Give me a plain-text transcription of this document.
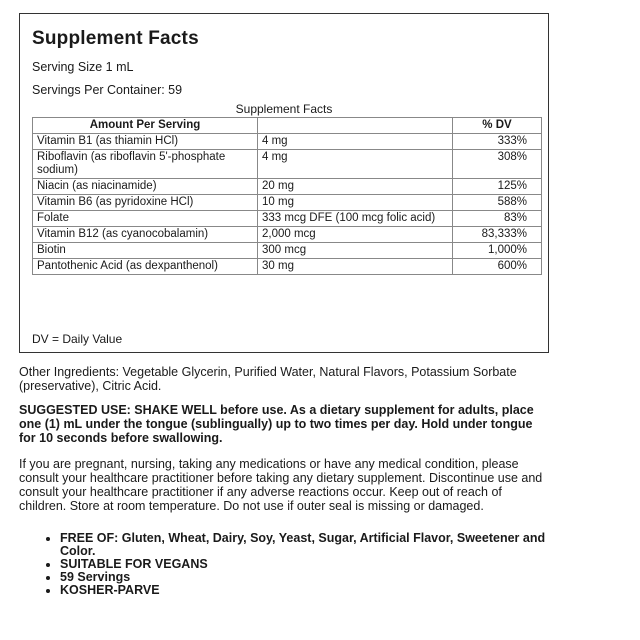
Supplement Facts
Serving Size 1 mL
Servings Per Container: 59
Supplement Facts
Amount Per Serving		% DV
Vitamin B1 (as thiamin HCl)	4 mg	333%
Riboflavin (as riboflavin 5'-phosphate sodium)	4 mg	308%
Niacin (as niacinamide)	20 mg	125%
Vitamin B6 (as pyridoxine HCl)	10 mg	588%
Folate	333 mcg DFE (100 mcg folic acid)	83%
Vitamin B12 (as cyanocobalamin)	2,000 mcg	83,333%
Biotin	300 mcg	1,000%
Pantothenic Acid (as dexpanthenol)	30 mg	600%
DV = Daily Value
Other Ingredients: Vegetable Glycerin, Purified Water, Natural Flavors, Potassium Sorbate (preservative), Citric Acid.
SUGGESTED USE: SHAKE WELL before use. As a dietary supplement for adults, place one (1) mL under the tongue (sublingually) up to two times per day. Hold under tongue for 10 seconds before swallowing.
If you are pregnant, nursing, taking any medications or have any medical condition, please consult your healthcare practitioner before taking any dietary supplement. Discontinue use and consult your healthcare practitioner if any adverse reactions occur. Keep out of reach of children. Store at room temperature. Do not use if outer seal is missing or damaged.
• FREE OF: Gluten, Wheat, Dairy, Soy, Yeast, Sugar, Artificial Flavor, Sweetener and Color.
• SUITABLE FOR VEGANS
• 59 Servings
• KOSHER-PARVE
